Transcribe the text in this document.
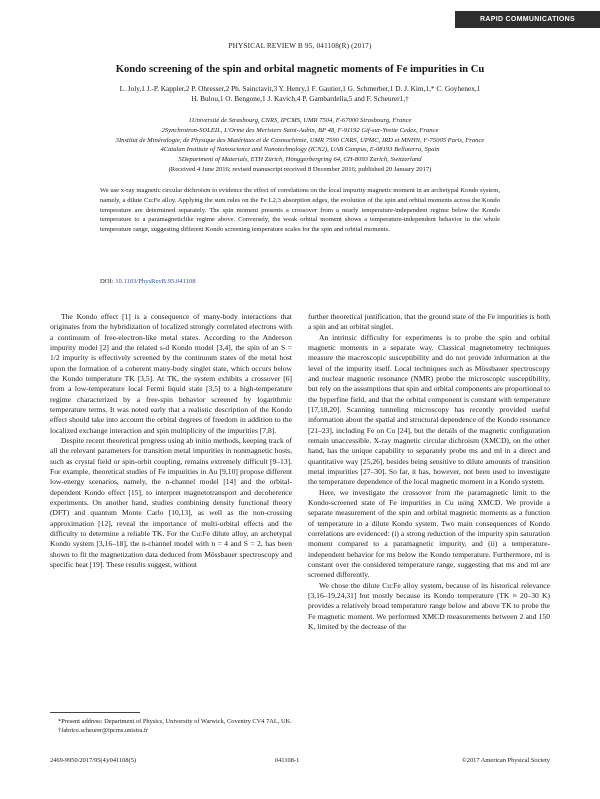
RAPID COMMUNICATIONS
PHYSICAL REVIEW B 95, 041108(R) (2017)
Kondo screening of the spin and orbital magnetic moments of Fe impurities in Cu
L. Joly,1 J.-P. Kappler,2 P. Ohresser,2 Ph. Sainctavit,3 Y. Henry,1 F. Gautier,1 G. Schmerber,1 D. J. Kim,1,* C. Goyhenex,1
H. Bulou,1 O. Bengone,1 J. Kavich,4 P. Gambardella,5 and F. Scheurer1,†
1Université de Strasbourg, CNRS, IPCMS, UMR 7504, F-67000 Strasbourg, France
2Synchrotron-SOLEIL, L'Orme des Merisiers Saint-Aubin, BP 48, F-91192 Gif-sur-Yvette Cedex, France
3Institut de Minéralogie, de Physique des Matériaux et de Cosmochimie, UMR 7590 CNRS, UPMC, IRD et MNHN, F-75005 Paris, France
4Catalan Institute of Nanoscience and Nanotechnology (ICN2), UAB Campus, E-08193 Bellaterra, Spain
5Department of Materials, ETH Zürich, Hönggerbergring 64, CH-8093 Zurich, Switzerland
(Received 4 June 2016; revised manuscript received 8 December 2016; published 20 January 2017)
We use x-ray magnetic circular dichroism to evidence the effect of correlations on the local impurity magnetic moment in an archetypal Kondo system, namely, a dilute Cu:Fe alloy. Applying the sum rules on the Fe L2,3 absorption edges, the evolution of the spin and orbital moments across the Kondo temperature are determined separately. The spin moment presents a crossover from a nearly temperature-independent regime below the Kondo temperature to a paramagneticlike regime above. Conversely, the weak orbital moment shows a temperature-independent behavior in the whole temperature range, suggesting different Kondo screening temperature scales for the spin and orbital moments.
DOI: 10.1103/PhysRevB.95.041108

The Kondo effect [1] is a consequence of many-body interactions that originates from the hybridization of localized strongly correlated electrons with a continuum of free-electron-like metal states. According to the Anderson impurity model [2] and the related s-d Kondo model [3,4], the spin of an S = 1/2 impurity is effectively screened by the continuum states of the metal host upon the formation of a coherent many-body singlet state, which occurs below the Kondo temperature TK [3,5]. At TK, the system exhibits a crossover [6] from a low-temperature local Fermi liquid state [3,5] to a high-temperature regime characterized by a free-spin behavior screened by logarithmic temperature terms. It was noted early that a realistic description of the Kondo effect should take into account the orbital degrees of freedom in addition to the localized exchange interaction and spin multiplicity of the impurities [7,8].

Despite recent theoretical progress using ab initio methods, keeping track of all the relevant parameters for transition metal impurities in nonmagnetic hosts, such as crystal field or spin-orbit coupling, remains extremely difficult [9–13]. For example, theoretical studies of Fe impurities in Au [9,10] propose different low-energy scenarios, namely, the n-channel model [14] and the orbital-dependent Kondo effect [15], to interpret magnetotransport and decoherence experiments. On another hand, studies combining density functional theory (DFT) and quantum Monte Carlo [10,13], as well as the non-crossing approximation [12], reveal the importance of multi-orbital effects and the difficulty to determine a reliable TK. For the Cu:Fe dilute alloy, an archetypal Kondo system [3,16–18], the n-channel model with n = 4 and S = 2, has been shown to fit the magnetization data deduced from Mössbauer spectroscopy and specific heat [19]. These results suggest, without

further theoretical justification, that the ground state of the Fe impurities is both a spin and an orbital singlet.

An intrinsic difficulty for experiments is to probe the spin and orbital magnetic moments in a separate way. Classical magnetometry techniques measure the macroscopic susceptibility and do not provide information at the level of the impurity itself. Local techniques such as Mössbauer spectroscopy and nuclear magnetic resonance (NMR) probe the microscopic susceptibility, but rely on the assumptions that spin and orbital components are proportional to the hyperfine field, and that the orbital component is constant with temperature [17,18,20]. Scanning tunneling microscopy has recently provided useful information about the spatial and structural dependence of the Kondo resonance [21–23], including Fe on Cu [24], but the details of the magnetic configuration remain unaccessible. X-ray magnetic circular dichroism (XMCD), on the other hand, has the unique capability to separately probe ms and ml in a direct and quantitative way [25,26], besides being sensitive to dilute amounts of transition metal impurities [27–30]. So far, it has, however, not been used to investigate the temperature dependence of the local magnetic moment in a Kondo system.

Here, we investigate the crossover from the paramagnetic limit to the Kondo-screened state of Fe impurities in Cu using XMCD. We provide a separate measurement of the spin and orbital magnetic moments as a function of temperature in a dilute Kondo system. Two main consequences of Kondo correlations are evidenced: (i) a strong reduction of the impurity spin saturation moment compared to a paramagnetic impurity, and (ii) a temperature-independent behavior for ms below the Kondo temperature. Furthermore, ml is constant over the considered temperature range, suggesting that ms and ml are screened differently.

We chose the dilute Cu:Fe alloy system, because of its historical relevance [3,16–19,24,31] but mostly because its Kondo temperature (TK ≈ 20–30 K) provides a relatively broad temperature range below and above TK to probe the Fe magnetic moment. We performed XMCD measurements between 2 and 150 K, limited by the decrease of the

*Present address: Department of Physics, University of Warwick, Coventry CV4 7AL, UK.

†fabrice.scheurer@ipcms.unistra.fr

2469-9950/2017/95(4)/041108(5)	041108-1	©2017 American Physical Society
